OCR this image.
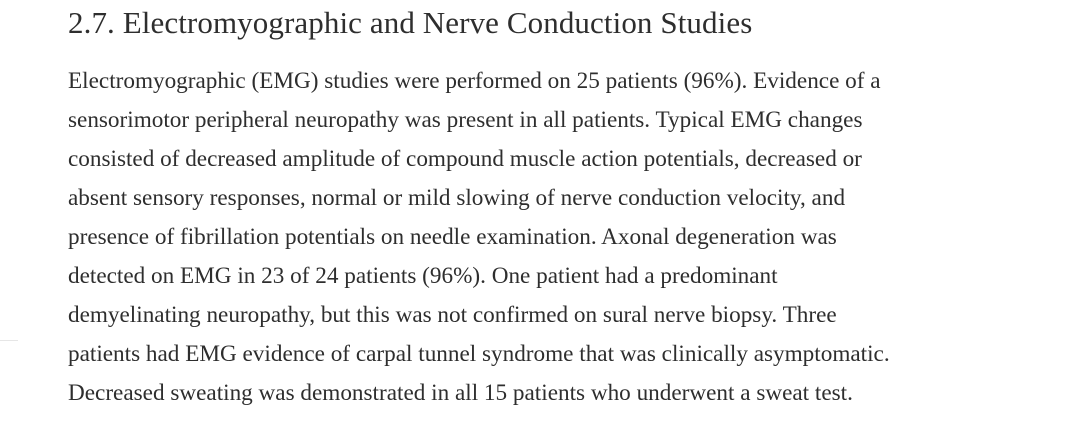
2.7. Electromyographic and Nerve Conduction Studies

Electromyographic (EMG) studies were performed on 25 patients (96%). Evidence of a
sensorimotor peripheral neuropathy was present in all patients. Typical EMG changes
consisted of decreased amplitude of compound muscle action potentials, decreased or
absent sensory responses, normal or mild slowing of nerve conduction velocity, and
presence of fibrillation potentials on needle examination. Axonal degeneration was
detected on EMG in 23 of 24 patients (96%). One patient had a predominant
demyelinating neuropathy, but this was not confirmed on sural nerve biopsy. Three
patients had EMG evidence of carpal tunnel syndrome that was clinically asymptomatic.
Decreased sweating was demonstrated in all 15 patients who underwent a sweat test.
